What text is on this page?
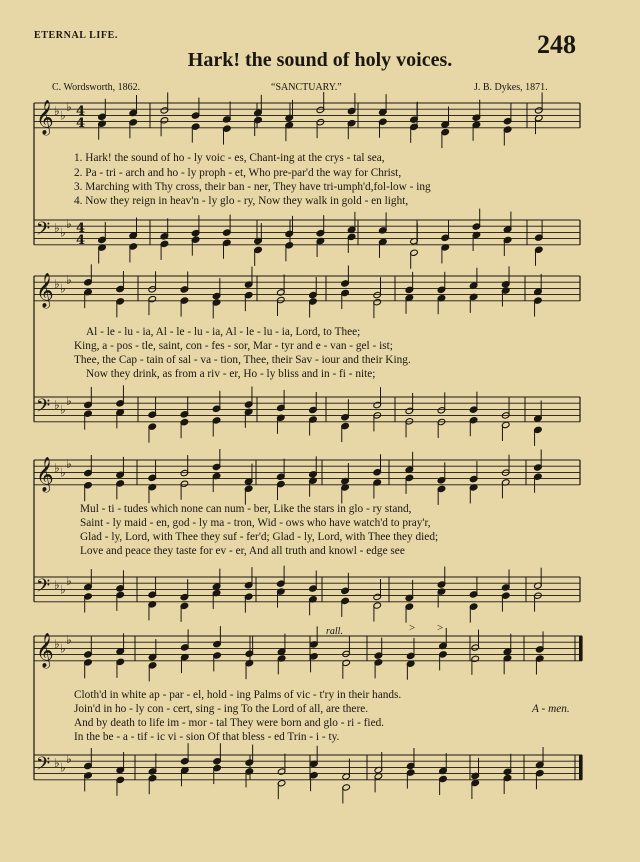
ETERNAL LIFE.	248
Hark! the sound of holy voices.
C. Wordsworth, 1862.	“SANCTUARY.”	J. B. Dykes, 1871.
𝄞 ♭ ♭
♭ 4
4
𝄢 ♭ ♭
♭ 4
4
𝄞 ♭ ♭
♭
𝄢 ♭ ♭
♭
𝄞 ♭ ♭
♭
𝄢 ♭ ♭
♭
𝄞 ♭ ♭
♭
𝄢 ♭ ♭
♭
rall.	> >
1. Hark! the sound of ho - ly voic - es, Chant-ing at the crys - tal sea,
2. Pa - tri - arch and ho - ly proph - et, Who pre-par'd the way for Christ,
3. Marching with Thy cross, their ban - ner, They have tri-umph'd,fol-low - ing
4. Now they reign in heav'n - ly glo - ry, Now they walk in gold - en light,
Al - le - lu - ia, Al - le - lu - ia, Al - le - lu - ia, Lord, to Thee;
King, a - pos - tle, saint, con - fes - sor, Mar - tyr and e - van - gel - ist;
Thee, the Cap - tain of sal - va - tion, Thee, their Sav - iour and their King.
Now they drink, as from a riv - er, Ho - ly bliss and in - fi - nite;
Mul - ti - tudes which none can num - ber, Like the stars in glo - ry stand,
Saint - ly maid - en, god - ly ma - tron, Wid - ows who have watch'd to pray'r,
Glad - ly, Lord, with Thee they suf - fer'd; Glad - ly, Lord, with Thee they died;
Love and peace they taste for ev - er, And all truth and knowl - edge see
Cloth'd in white ap - par - el, hold - ing Palms of vic - t'ry in their hands.
A - men.
Join'd in ho - ly con - cert, sing - ing To the Lord of all, are there.
And by death to life im - mor - tal They were born and glo - ri - fied.
In the be - a - tif - ic vi - sion Of that bless - ed Trin - i - ty.
